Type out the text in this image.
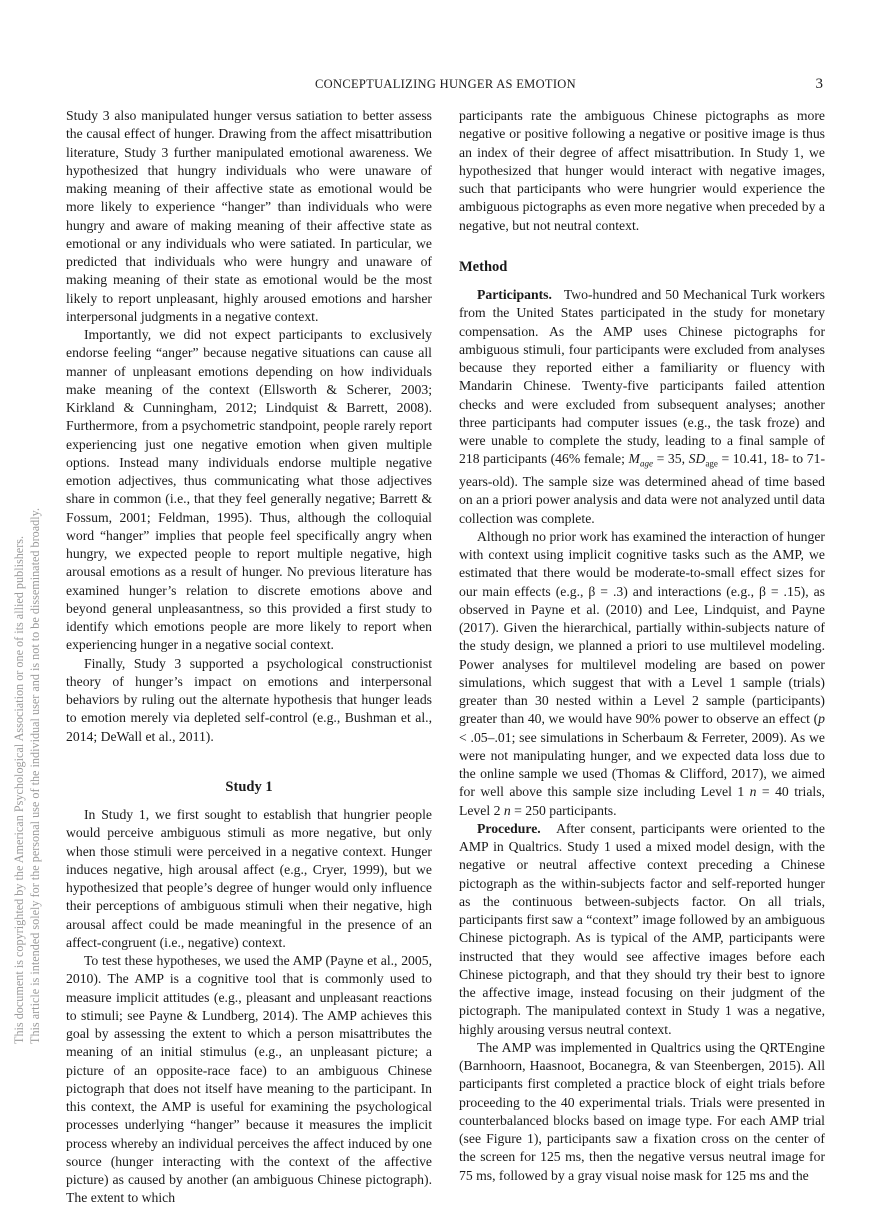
CONCEPTUALIZING HUNGER AS EMOTION	3
This document is copyrighted by the American Psychological Association or one of its allied publishers. This article is intended solely for the personal use of the individual user and is not to be disseminated broadly.

Study 3 also manipulated hunger versus satiation to better assess the causal effect of hunger. Drawing from the affect misattribution literature, Study 3 further manipulated emotional awareness. We hypothesized that hungry individuals who were unaware of making meaning of their affective state as emotional would be more likely to experience “hanger” than individuals who were hungry and aware of making meaning of their affective state as emotional or any individuals who were satiated. In particular, we predicted that individuals who were hungry and unaware of making meaning of their state as emotional would be the most likely to report unpleasant, highly aroused emotions and harsher interpersonal judgments in a negative context.

Importantly, we did not expect participants to exclusively endorse feeling “anger” because negative situations can cause all manner of unpleasant emotions depending on how individuals make meaning of the context (Ellsworth & Scherer, 2003; Kirkland & Cunningham, 2012; Lindquist & Barrett, 2008). Furthermore, from a psychometric standpoint, people rarely report experiencing just one negative emotion when given multiple options. Instead many individuals endorse multiple negative emotion adjectives, thus communicating what those adjectives share in common (i.e., that they feel generally negative; Barrett & Fossum, 2001; Feldman, 1995). Thus, although the colloquial word “hanger” implies that people feel specifically angry when hungry, we expected people to report multiple negative, high arousal emotions as a result of hunger. No previous literature has examined hunger’s relation to discrete emotions above and beyond general unpleasantness, so this provided a first study to identify which emotions people are more likely to report when experiencing hunger in a negative social context.

Finally, Study 3 supported a psychological constructionist theory of hunger’s impact on emotions and interpersonal behaviors by ruling out the alternate hypothesis that hunger leads to emotion merely via depleted self-control (e.g., Bushman et al., 2014; DeWall et al., 2011).

Study 1

In Study 1, we first sought to establish that hungrier people would perceive ambiguous stimuli as more negative, but only when those stimuli were perceived in a negative context. Hunger induces negative, high arousal affect (e.g., Cryer, 1999), but we hypothesized that people’s degree of hunger would only influence their perceptions of ambiguous stimuli when their negative, high arousal affect could be made meaningful in the presence of an affect-congruent (i.e., negative) context.

To test these hypotheses, we used the AMP (Payne et al., 2005, 2010). The AMP is a cognitive tool that is commonly used to measure implicit attitudes (e.g., pleasant and unpleasant reactions to stimuli; see Payne & Lundberg, 2014). The AMP achieves this goal by assessing the extent to which a person misattributes the meaning of an initial stimulus (e.g., an unpleasant picture; a picture of an opposite-race face) to an ambiguous Chinese pictograph that does not itself have meaning to the participant. In this context, the AMP is useful for examining the psychological processes underlying “hanger” because it measures the implicit process whereby an individual perceives the affect induced by one source (hunger interacting with the context of the affective picture) as caused by another (an ambiguous Chinese pictograph). The extent to which

participants rate the ambiguous Chinese pictographs as more negative or positive following a negative or positive image is thus an index of their degree of affect misattribution. In Study 1, we hypothesized that hunger would interact with negative images, such that participants who were hungrier would experience the ambiguous pictographs as even more negative when preceded by a negative, but not neutral context.

Method

Participants. Two-hundred and 50 Mechanical Turk workers from the United States participated in the study for monetary compensation. As the AMP uses Chinese pictographs for ambiguous stimuli, four participants were excluded from analyses because they reported either a familiarity or fluency with Mandarin Chinese. Twenty-five participants failed attention checks and were excluded from subsequent analyses; another three participants had computer issues (e.g., the task froze) and were unable to complete the study, leading to a final sample of 218 participants (46% female; $M_{age} = 35$, $SD_{age} = 10.41$, 18- to 71-years-old). The sample size was determined ahead of time based on an a priori power analysis and data were not analyzed until data collection was complete.

Although no prior work has examined the interaction of hunger with context using implicit cognitive tasks such as the AMP, we estimated that there would be moderate-to-small effect sizes for our main effects (e.g., β = .3) and interactions (e.g., β = .15), as observed in Payne et al. (2010) and Lee, Lindquist, and Payne (2017). Given the hierarchical, partially within-subjects nature of the study design, we planned a priori to use multilevel modeling. Power analyses for multilevel modeling are based on power simulations, which suggest that with a Level 1 sample (trials) greater than 30 nested within a Level 2 sample (participants) greater than 40, we would have 90% power to observe an effect (p < .05–.01; see simulations in Scherbaum & Ferreter, 2009). As we were not manipulating hunger, and we expected data loss due to the online sample we used (Thomas & Clifford, 2017), we aimed for well above this sample size including Level 1 n = 40 trials, Level 2 n = 250 participants.

Procedure. After consent, participants were oriented to the AMP in Qualtrics. Study 1 used a mixed model design, with the negative or neutral affective context preceding a Chinese pictograph as the within-subjects factor and self-reported hunger as the continuous between-subjects factor. On all trials, participants first saw a “context” image followed by an ambiguous Chinese pictograph. As is typical of the AMP, participants were instructed that they would see affective images before each Chinese pictograph, and that they should try their best to ignore the affective image, instead focusing on their judgment of the pictograph. The manipulated context in Study 1 was a negative, highly arousing versus neutral context.

The AMP was implemented in Qualtrics using the QRTEngine (Barnhoorn, Haasnoot, Bocanegra, & van Steenbergen, 2015). All participants first completed a practice block of eight trials before proceeding to the 40 experimental trials. Trials were presented in counterbalanced blocks based on image type. For each AMP trial (see Figure 1), participants saw a fixation cross on the center of the screen for 125 ms, then the negative versus neutral image for 75 ms, followed by a gray visual noise mask for 125 ms and the
